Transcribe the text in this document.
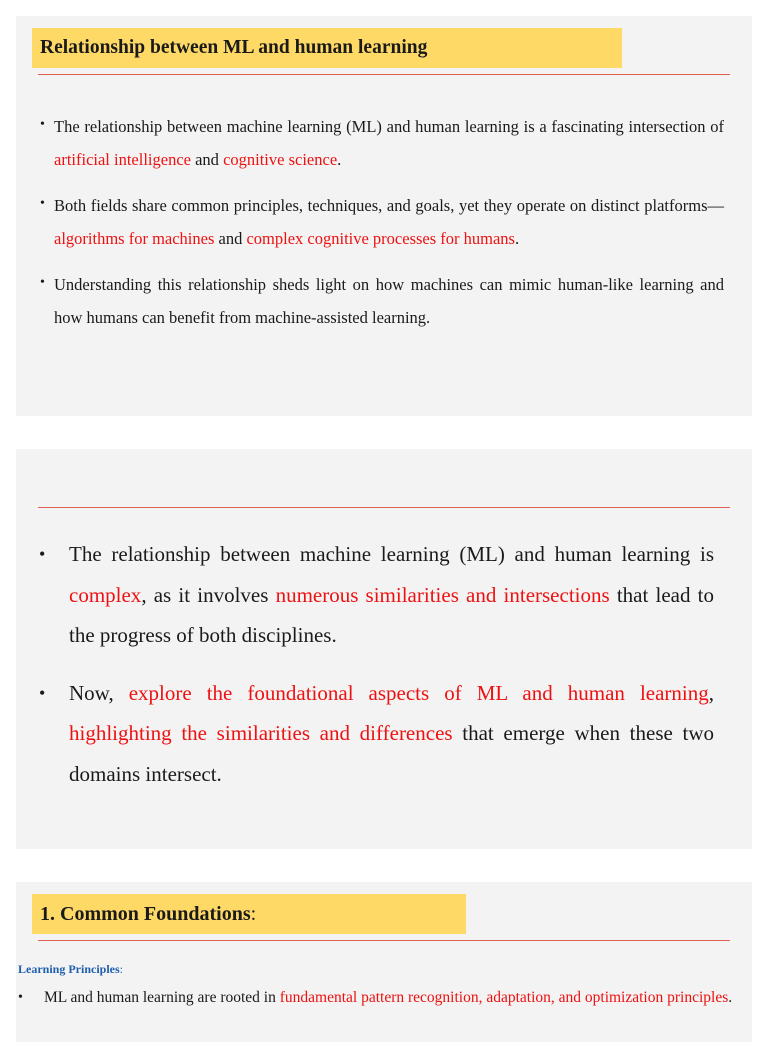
Relationship between ML and human learning
• The relationship between machine learning (ML) and human learning is a fascinating intersection of artificial intelligence and cognitive science.
• Both fields share common principles, techniques, and goals, yet they operate on distinct platforms—algorithms for machines and complex cognitive processes for humans.
• Understanding this relationship sheds light on how machines can mimic human-like learning and how humans can benefit from machine-assisted learning.
• The relationship between machine learning (ML) and human learning is complex, as it involves numerous similarities and intersections that lead to the progress of both disciplines.
• Now, explore the foundational aspects of ML and human learning, highlighting the similarities and differences that emerge when these two domains intersect.
1. Common Foundations :
Learning Principles:
• ML and human learning are rooted in fundamental pattern recognition, adaptation, and optimization principles.
